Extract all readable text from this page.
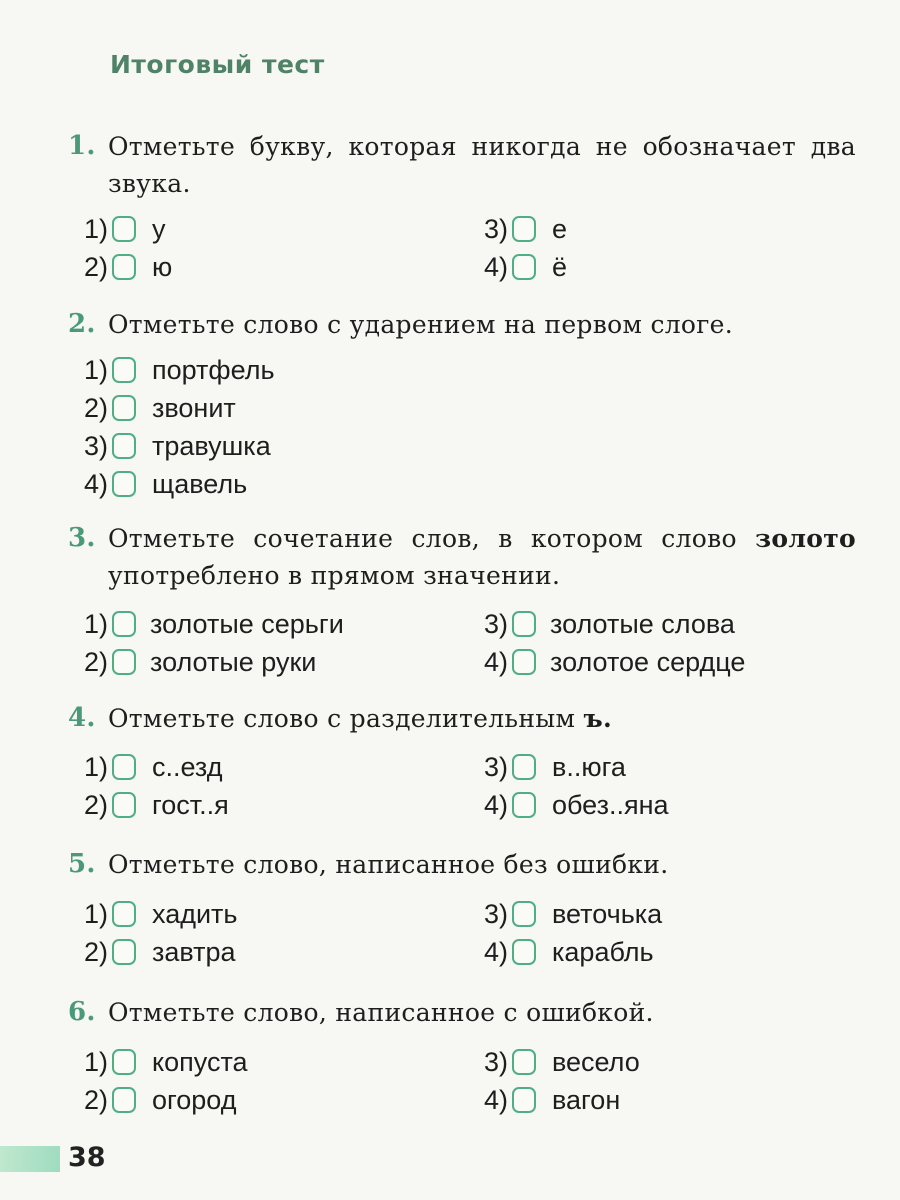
Итоговый тест
1. Отметьте букву, которая никогда не обозначает два звука.
1) у
2) ю
3) е
4) ё
2. Отметьте слово с ударением на первом слоге.
1) портфель
2) звонит
3) травушка
4) щавель
3. Отметьте сочетание слов, в котором слово золото употреблено в прямом значении.
1) золотые серьги
2) золотые руки
3) золотые слова
4) золотое сердце
4. Отметьте слово с разделительным ъ.
1) с..езд
2) гост..я
3) в..юга
4) обез..яна
5. Отметьте слово, написанное без ошибки.
1) хадить
2) завтра
3) веточька
4) карабль
6. Отметьте слово, написанное с ошибкой.
1) копуста
2) огород
3) весело
4) вагон
38
